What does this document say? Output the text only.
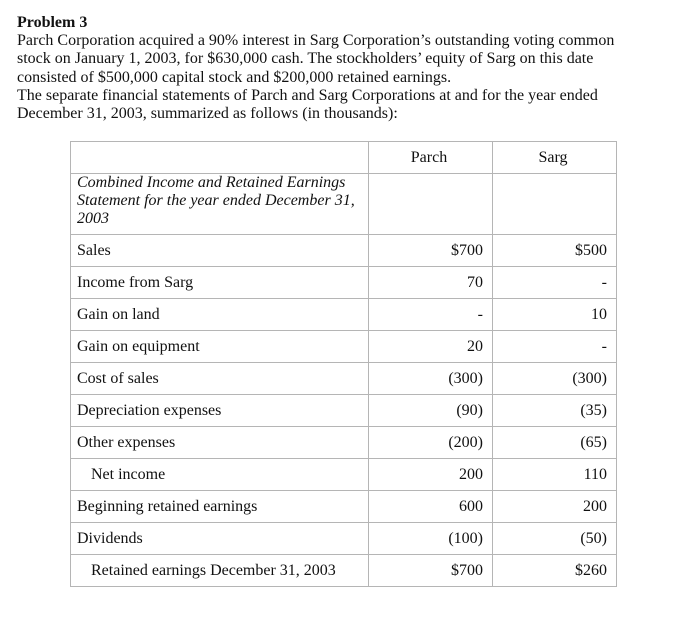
Problem 3

Parch Corporation acquired a 90% interest in Sarg Corporation’s outstanding voting common

stock on January 1, 2003, for $630,000 cash. The stockholders’ equity of Sarg on this date

consisted of $500,000 capital stock and $200,000 retained earnings.

The separate financial statements of Parch and Sarg Corporations at and for the year ended

December 31, 2003, summarized as follows (in thousands):

	Parch	Sarg
Combined Income and Retained Earnings Statement for the year ended December 31, 2003		
Sales	$700	$500
Income from Sarg	70	-
Gain on land	-	10
Gain on equipment	20	-
Cost of sales	(300)	(300)
Depreciation expenses	(90)	(35)
Other expenses	(200)	(65)
Net income	200	110
Beginning retained earnings	600	200
Dividends	(100)	(50)
Retained earnings December 31, 2003	$700	$260
